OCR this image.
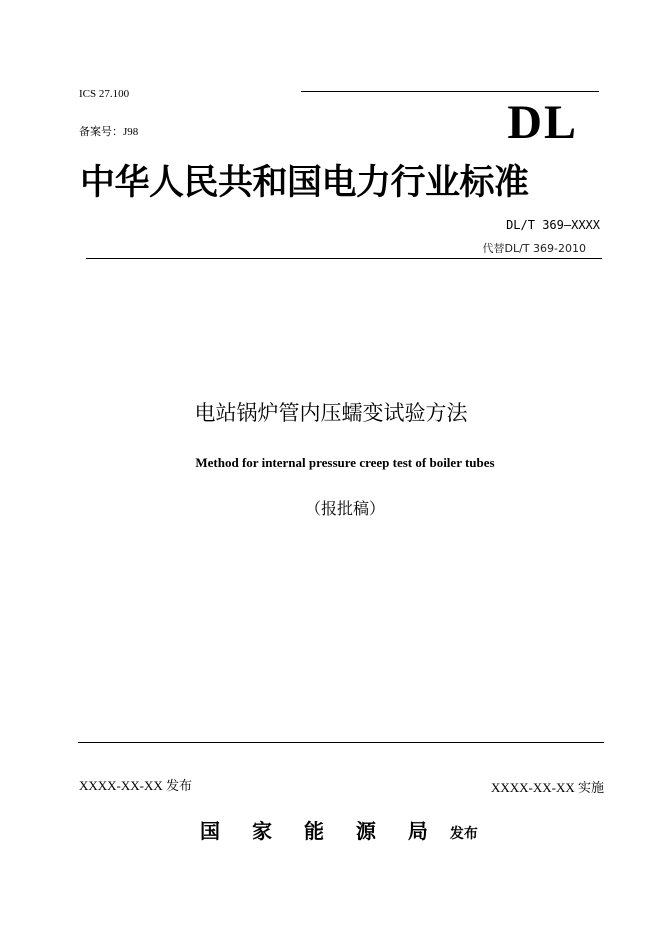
ICS 27.100
备案号：J98	DL
中华人民共和国电力行业标准
DL/T 369—XXXX
代替DL/T 369-2010
电站锅炉管内压蠕变试验方法
Method for internal pressure creep test of boiler tubes
（报批稿）
XXXX-XX-XX 发布	XXXX-XX-XX 实施
国 家 能 源 局 发布
